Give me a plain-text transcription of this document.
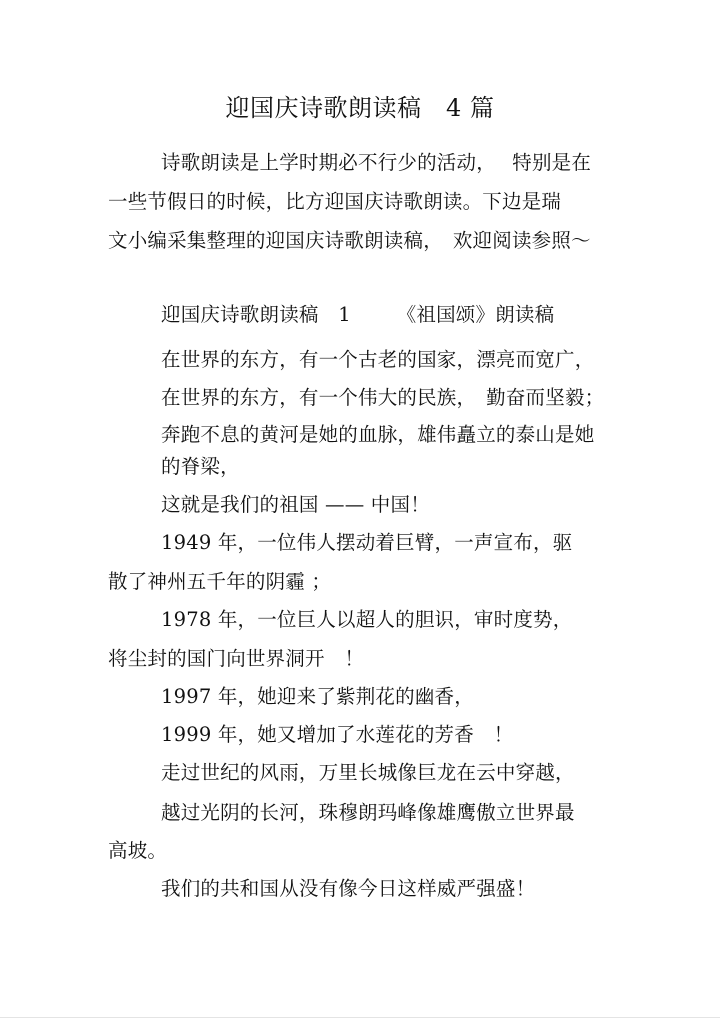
迎国庆诗歌朗读稿　4 篇
诗歌朗读是上学时期必不行少的活动，　 特别是在
一些节假日的时候，比方迎国庆诗歌朗读。下边是瑞
文小编采集整理的迎国庆诗歌朗读稿，　欢迎阅读参照～
迎国庆诗歌朗读稿　1　　 《祖国颂》朗读稿
在世界的东方，有一个古老的国家，漂亮而宽广，
在世界的东方，有一个伟大的民族，　勤奋而坚毅；
奔跑不息的黄河是她的血脉，雄伟矗立的泰山是她
的脊梁，
这就是我们的祖国 —— 中国！
1949 年，一位伟人摆动着巨臂，一声宣布，驱
散了神州五千年的阴霾 ；
1978 年，一位巨人以超人的胆识，审时度势，
将尘封的国门向世界洞开　！
1997 年，她迎来了紫荆花的幽香，
1999 年，她又增加了水莲花的芳香　！
走过世纪的风雨，万里长城像巨龙在云中穿越，
越过光阴的长河，珠穆朗玛峰像雄鹰傲立世界最
高坡。
我们的共和国从没有像今日这样威严强盛！
